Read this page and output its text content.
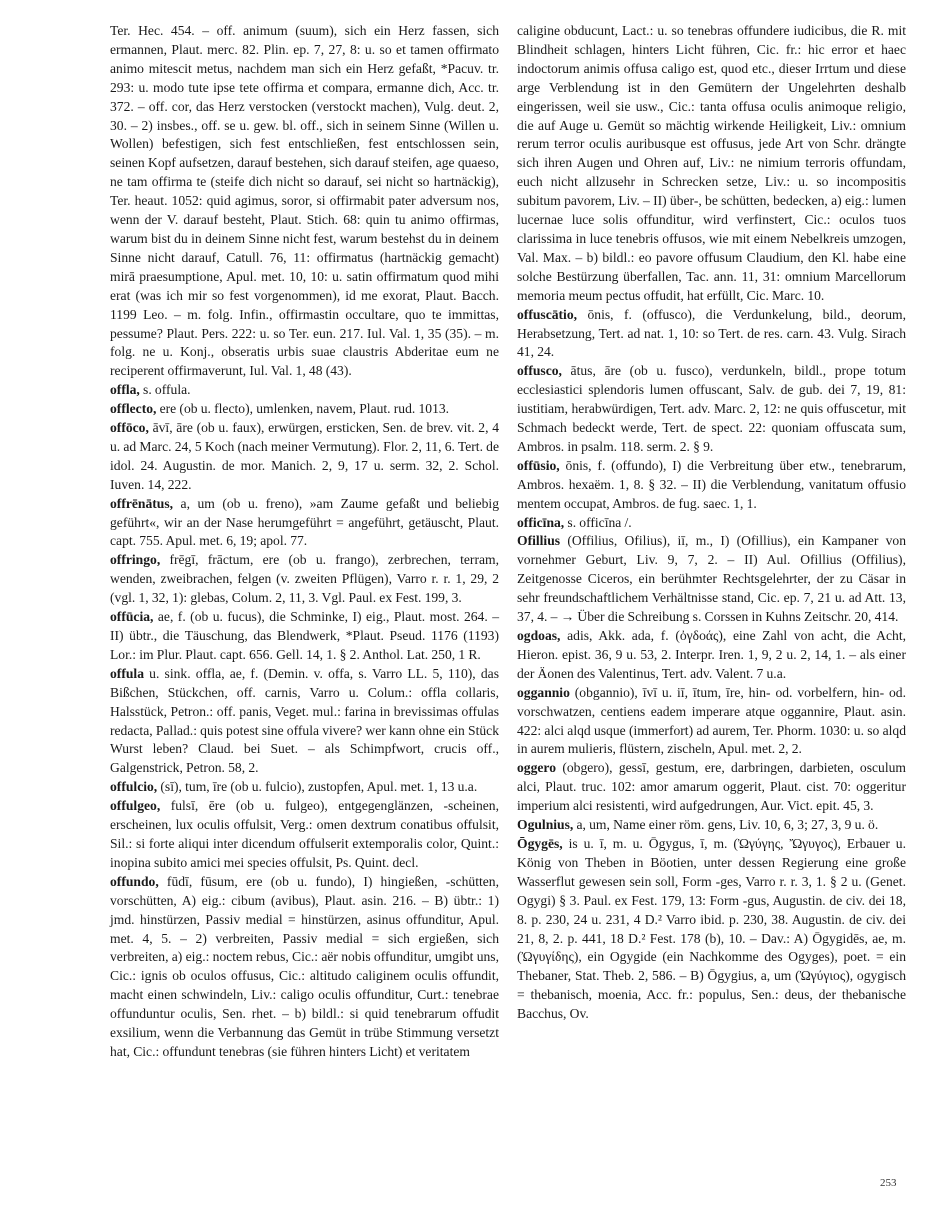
Ter. Hec. 454. – off. animum (suum), sich ein Herz fassen, sich ermannen, Plaut. merc. 82. Plin. ep. 7, 27, 8: u. so et tamen offirmato animo mitescit metus, nachdem man sich ein Herz gefaßt, *Pacuv. tr. 293: u. modo tute ipse tete offirma et compara, ermanne dich, Acc. tr. 372. – off. cor, das Herz verstocken (verstockt machen), Vulg. deut. 2, 30. – 2) insbes., off. se u. gew. bl. off., sich in seinem Sinne (Willen u. Wollen) befestigen, sich fest entschließen, fest entschlossen sein, seinen Kopf aufsetzen, darauf bestehen, sich darauf steifen, age quaeso, ne tam offirma te (steife dich nicht so darauf, sei nicht so hartnäckig), Ter. heaut. 1052: quid agimus, soror, si offirmabit pater adversum nos, wenn der V. darauf besteht, Plaut. Stich. 68: quin tu animo offirmas, warum bist du in deinem Sinne nicht fest, warum bestehst du in deinem Sinne nicht darauf, Catull. 76, 11: offirmatus (hartnäckig gemacht) mirā praesumptione, Apul. met. 10, 10: u. satin offirmatum quod mihi erat (was ich mir so fest vorgenommen), id me exorat, Plaut. Bacch. 1199 Leo. – m. folg. Infin., offirmastin occultare, quo te immittas, pessume? Plaut. Pers. 222: u. so Ter. eun. 217. Iul. Val. 1, 35 (35). – m. folg. ne u. Konj., obseratis urbis suae claustris Abderitae eum ne reciperent offirmaverunt, Iul. Val. 1, 48 (43).

offla, s. offula.

offlecto, ere (ob u. flecto), umlenken, navem, Plaut. rud. 1013.

offōco, āvī, āre (ob u. faux), erwürgen, ersticken, Sen. de brev. vit. 2, 4 u. ad Marc. 24, 5 Koch (nach meiner Vermutung). Flor. 2, 11, 6. Tert. de idol. 24. Augustin. de mor. Manich. 2, 9, 17 u. serm. 32, 2. Schol. Iuven. 14, 222.

offrēnātus, a, um (ob u. freno), »am Zaume gefaßt und beliebig geführt«, wir an der Nase herumgeführt = angeführt, getäuscht, Plaut. capt. 755. Apul. met. 6, 19; apol. 77.

offringo, frēgī, frāctum, ere (ob u. frango), zerbrechen, terram, wenden, zweibrachen, felgen (v. zweiten Pflügen), Varro r. r. 1, 29, 2 (vgl. 1, 32, 1): glebas, Colum. 2, 11, 3. Vgl. Paul. ex Fest. 199, 3.

offūcia, ae, f. (ob u. fucus), die Schminke, I) eig., Plaut. most. 264. – II) übtr., die Täuschung, das Blendwerk, *Plaut. Pseud. 1176 (1193) Lor.: im Plur. Plaut. capt. 656. Gell. 14, 1. § 2. Anthol. Lat. 250, 1 R.

offula u. sink. offla, ae, f. (Demin. v. offa, s. Varro LL. 5, 110), das Bißchen, Stückchen, off. carnis, Varro u. Colum.: offla collaris, Halsstück, Petron.: off. panis, Veget. mul.: farina in brevissimas offulas redacta, Pallad.: quis potest sine offula vivere? wer kann ohne ein Stück Wurst leben? Claud. bei Suet. – als Schimpfwort, crucis off., Galgenstrick, Petron. 58, 2.

offulcio, (sī), tum, īre (ob u. fulcio), zustopfen, Apul. met. 1, 13 u.a.

offulgeo, fulsī, ēre (ob u. fulgeo), entgegenglänzen, -scheinen, erscheinen, lux oculis offulsit, Verg.: omen dextrum conatibus offulsit, Sil.: si forte aliqui inter dicendum offulserit extemporalis color, Quint.: inopina subito amici mei species offulsit, Ps. Quint. decl.

offundo, fūdī, fūsum, ere (ob u. fundo), I) hingießen, -schütten, vorschütten, A) eig.: cibum (avibus), Plaut. asin. 216. – B) übtr.: 1) jmd. hinstürzen, Passiv medial = hinstürzen, asinus offunditur, Apul. met. 4, 5. – 2) verbreiten, Passiv medial = sich ergießen, sich verbreiten, a) eig.: noctem rebus, Cic.: aër nobis offunditur, umgibt uns, Cic.: ignis ob oculos offusus, Cic.: altitudo caliginem oculis offundit, macht einen schwindeln, Liv.: caligo oculis offunditur, Curt.: tenebrae offunduntur oculis, Sen. rhet. – b) bildl.: si quid tenebrarum offudit exsilium, wenn die Verbannung das Gemüt in trübe Stimmung versetzt hat, Cic.: offundunt tenebras (sie führen hinters Licht) et veritatem

caligine obducunt, Lact.: u. so tenebras offundere iudicibus, die R. mit Blindheit schlagen, hinters Licht führen, Cic. fr.: hic error et haec indoctorum animis offusa caligo est, quod etc., dieser Irrtum und diese arge Verblendung ist in den Gemütern der Ungelehrten deshalb eingerissen, weil sie usw., Cic.: tanta offusa oculis animoque religio, die auf Auge u. Gemüt so mächtig wirkende Heiligkeit, Liv.: omnium rerum terror oculis auribusque est offusus, jede Art von Schr. drängte sich ihren Augen und Ohren auf, Liv.: ne nimium terroris offundam, euch nicht allzusehr in Schrecken setze, Liv.: u. so incompositis subitum pavorem, Liv. – II) über-, be schütten, bedecken, a) eig.: lumen lucernae luce solis offunditur, wird verfinstert, Cic.: oculos tuos clarissima in luce tenebris offusos, wie mit einem Nebelkreis umzogen, Val. Max. – b) bildl.: eo pavore offusum Claudium, den Kl. habe eine solche Bestürzung überfallen, Tac. ann. 11, 31: omnium Marcellorum memoria meum pectus offudit, hat erfüllt, Cic. Marc. 10.

offuscātio, ōnis, f. (offusco), die Verdunkelung, bild., deorum, Herabsetzung, Tert. ad nat. 1, 10: so Tert. de res. carn. 43. Vulg. Sirach 41, 24.

offusco, ātus, āre (ob u. fusco), verdunkeln, bildl., prope totum ecclesiastici splendoris lumen offuscant, Salv. de gub. dei 7, 19, 81: iustitiam, herabwürdigen, Tert. adv. Marc. 2, 12: ne quis offuscetur, mit Schmach bedeckt werde, Tert. de spect. 22: quoniam offuscata sum, Ambros. in psalm. 118. serm. 2. § 9.

offūsio, ōnis, f. (offundo), I) die Verbreitung über etw., tenebrarum, Ambros. hexaëm. 1, 8. § 32. – II) die Verblendung, vanitatum offusio mentem occupat, Ambros. de fug. saec. 1, 1.

officīna, s. officīna /.

Ofillius (Offilius, Ofilius), iī, m., I) (Ofillius), ein Kampaner von vornehmer Geburt, Liv. 9, 7, 2. – II) Aul. Ofillius (Offilius), Zeitgenosse Ciceros, ein berühmter Rechtsgelehrter, der zu Cäsar in sehr freundschaftlichem Verhältnisse stand, Cic. ep. 7, 21 u. ad Att. 13, 37, 4. – → Über die Schreibung s. Corssen in Kuhns Zeitschr. 20, 414.

ogdoas, adis, Akk. ada, f. (ὀγδοάς), eine Zahl von acht, die Acht, Hieron. epist. 36, 9 u. 53, 2. Interpr. Iren. 1, 9, 2 u. 2, 14, 1. – als einer der Äonen des Valentinus, Tert. adv. Valent. 7 u.a.

oggannio (obgannio), īvī u. iī, ītum, īre, hin- od. vorbelfern, hin- od. vorschwatzen, centiens eadem imperare atque oggannire, Plaut. asin. 422: alci alqd usque (immerfort) ad aurem, Ter. Phorm. 1030: u. so alqd in aurem mulieris, flüstern, zischeln, Apul. met. 2, 2.

oggero (obgero), gessī, gestum, ere, darbringen, darbieten, osculum alci, Plaut. truc. 102: amor amarum oggerit, Plaut. cist. 70: oggeritur imperium alci resistenti, wird aufgedrungen, Aur. Vict. epit. 45, 3.

Ogulnius, a, um, Name einer röm. gens, Liv. 10, 6, 3; 27, 3, 9 u. ö.

Ōgygēs, is u. ī, m. u. Ōgygus, ī, m. (Ὠγύγης, Ὤγυγος), Erbauer u. König von Theben in Böotien, unter dessen Regierung eine große Wasserflut gewesen sein soll, Form -ges, Varro r. r. 3, 1. § 2 u. (Genet. Ogygi) § 3. Paul. ex Fest. 179, 13: Form -gus, Augustin. de civ. dei 18, 8. p. 230, 24 u. 231, 4 D.² Varro ibid. p. 230, 38. Augustin. de civ. dei 21, 8, 2. p. 441, 18 D.² Fest. 178 (b), 10. – Dav.: A) Ōgygidēs, ae, m. (Ὠγυγίδης), ein Ogygide (ein Nachkomme des Ogyges), poet. = ein Thebaner, Stat. Theb. 2, 586. – B) Ōgygius, a, um (Ὠγύγιος), ogygisch = thebanisch, moenia, Acc. fr.: populus, Sen.: deus, der thebanische Bacchus, Ov.

253
